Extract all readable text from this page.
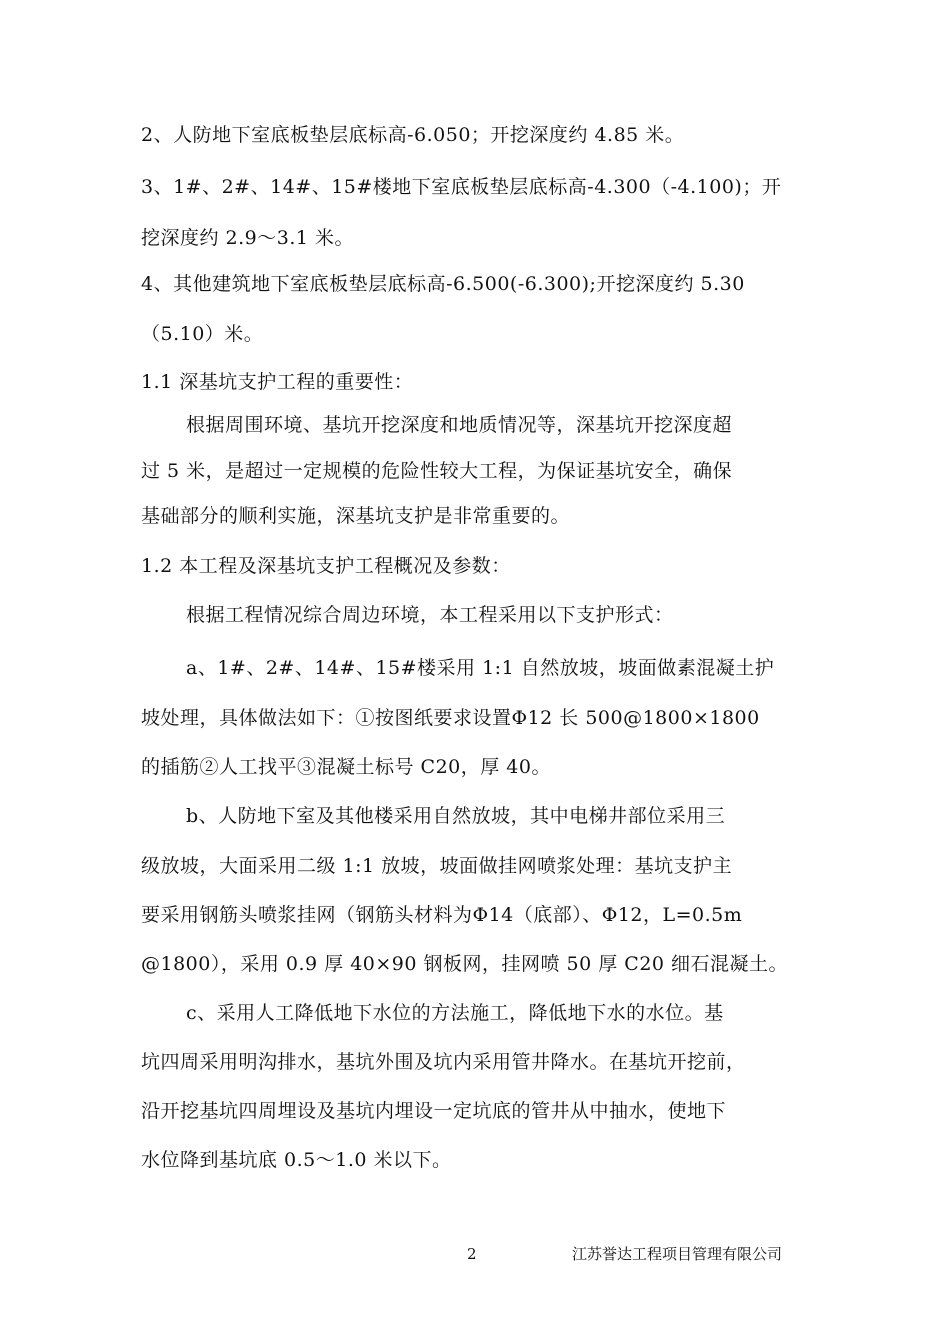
2、人防地下室底板垫层底标高-6.050；开挖深度约 4.85 米。
3、1#、2#、14#、15#楼地下室底板垫层底标高-4.300（-4.100)；开
挖深度约 2.9～3.1 米。
4、其他建筑地下室底板垫层底标高-6.500(-6.300);开挖深度约 5.30
（5.10）米。
1.1 深基坑支护工程的重要性：
根据周围环境、基坑开挖深度和地质情况等，深基坑开挖深度超
过 5 米，是超过一定规模的危险性较大工程，为保证基坑安全，确保
基础部分的顺利实施，深基坑支护是非常重要的。
1.2 本工程及深基坑支护工程概况及参数：
根据工程情况综合周边环境，本工程采用以下支护形式：
a、1#、2#、14#、15#楼采用 1:1 自然放坡，坡面做素混凝土护
坡处理，具体做法如下：①按图纸要求设置Φ12 长 500@1800×1800
的插筋②人工找平③混凝土标号 C20，厚 40。
b、人防地下室及其他楼采用自然放坡，其中电梯井部位采用三
级放坡，大面采用二级 1:1 放坡，坡面做挂网喷浆处理：基坑支护主
要采用钢筋头喷浆挂网（钢筋头材料为Φ14（底部）、Φ12，L=0.5m
@1800），采用 0.9 厚 40×90 钢板网，挂网喷 50 厚 C20 细石混凝土。
c、采用人工降低地下水位的方法施工，降低地下水的水位。基
坑四周采用明沟排水，基坑外围及坑内采用管井降水。在基坑开挖前，
沿开挖基坑四周埋设及基坑内埋设一定坑底的管井从中抽水，使地下
水位降到基坑底 0.5～1.0 米以下。
2	江苏誉达工程项目管理有限公司
